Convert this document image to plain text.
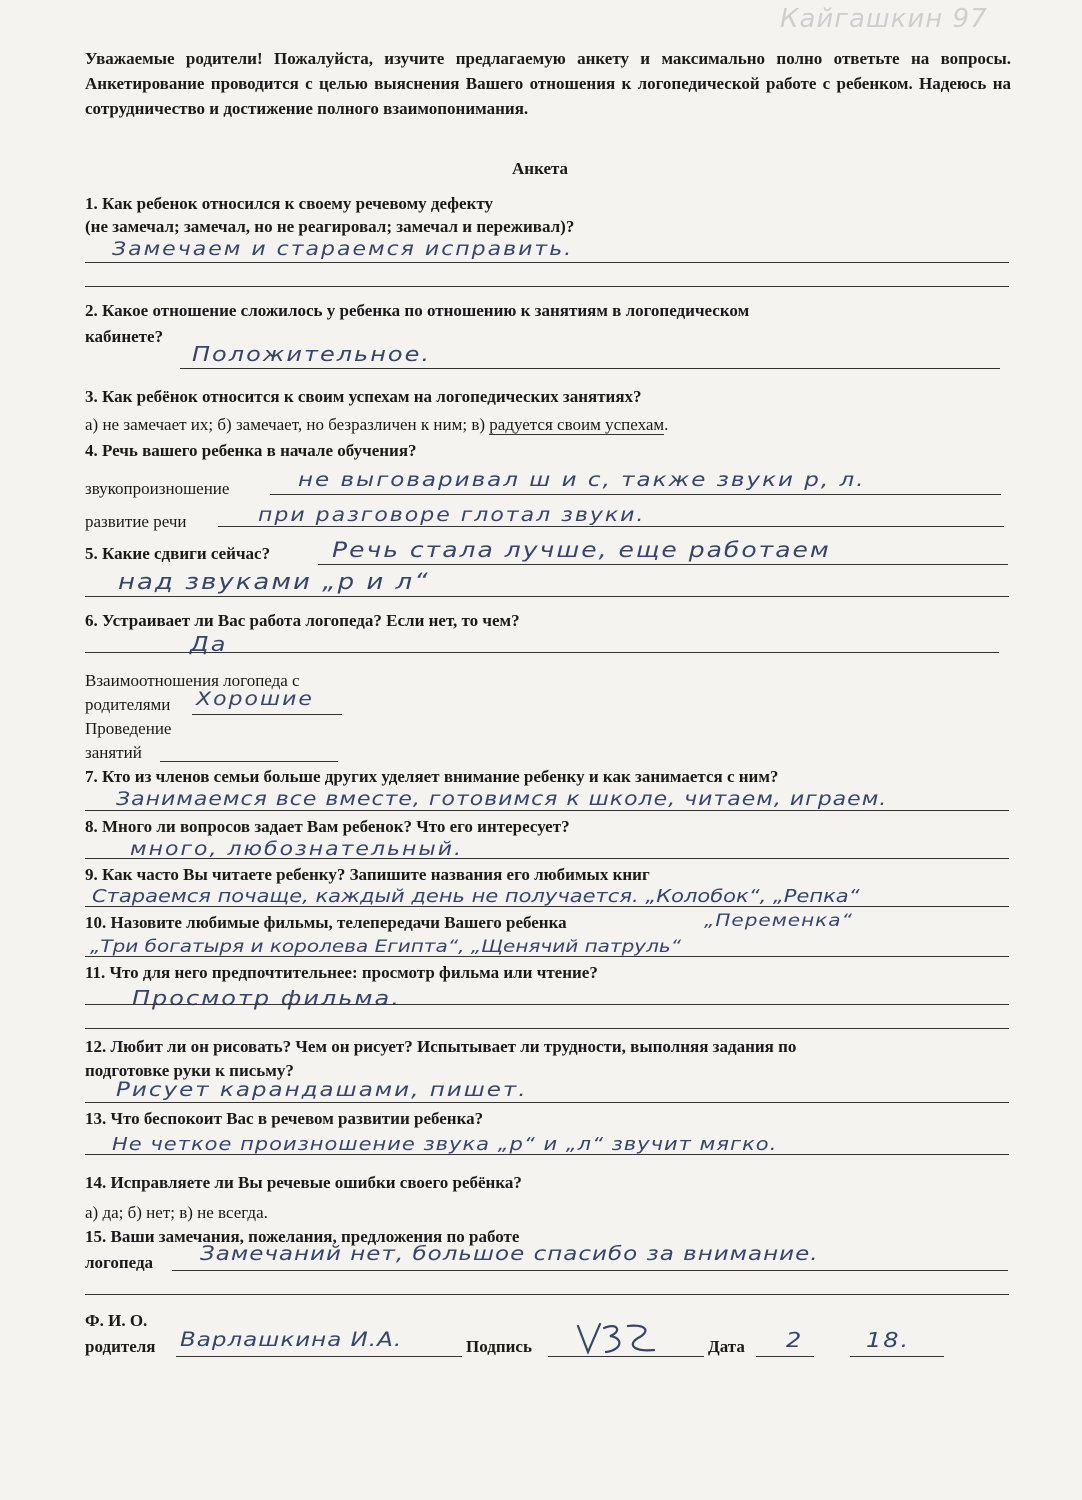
Кайгашкин 97
Уважаемые родители! Пожалуйста, изучите предлагаемую анкету и максимально полно ответьте на вопросы. Анкетирование проводится с целью выяснения Вашего отношения к логопедической работе с ребенком. Надеюсь на сотрудничество и достижение полного взаимопонимания.
Анкета
1. Как ребенок относился к своему речевому дефекту
(не замечал; замечал, но не реагировал; замечал и переживал)?
Замечаем и стараемся исправить.
2. Какое отношение сложилось у ребенка по отношению к занятиям в логопедическом
кабинете?
Положительное.
3. Как ребёнок относится к своим успехам на логопедических занятиях?
а) не замечает их; б) замечает, но безразличен к ним; в) радуется своим успехам.
4. Речь вашего ребенка в начале обучения?
звукопроизношение	не выговаривал ш и с, также звуки р, л.
развитие речи	при разговоре глотал звуки.
5. Какие сдвиги сейчас? Речь стала лучше, еще работаем
над звуками „р и л“
6. Устраивает ли Вас работа логопеда? Если нет, то чем?
Да
Взаимоотношения логопеда с
родителями Хорошие
Проведение
занятий
7. Кто из членов семьи больше других уделяет внимание ребенку и как занимается с ним?
Занимаемся все вместе, готовимся к школе, читаем, играем.
8. Много ли вопросов задает Вам ребенок? Что его интересует?
много, любознательный.
9. Как часто Вы читаете ребенку? Запишите названия его любимых книг
Стараемся почаще, каждый день не получается. „Колобок“, „Репка“
10. Назовите любимые фильмы, телепередачи Вашего ребенка	„Переменка“
„Три богатыря и королева Египта“, „Щенячий патруль“
11. Что для него предпочтительнее: просмотр фильма или чтение?
Просмотр фильма.
12. Любит ли он рисовать? Чем он рисует? Испытывает ли трудности, выполняя задания по
подготовке руки к письму?
Рисует карандашами, пишет.
13. Что беспокоит Вас в речевом развитии ребенка?
Не четкое произношение звука „р“ и „л“ звучит мягко.
14. Исправляете ли Вы речевые ошибки своего ребёнка?
а) да; б) нет; в) не всегда.
15. Ваши замечания, пожелания, предложения по работе
логопеда Замечаний нет, большое спасибо за внимание.
Ф. И. О.
родителя Варлашкина И.А.	Подпись	Дата 2	18.
